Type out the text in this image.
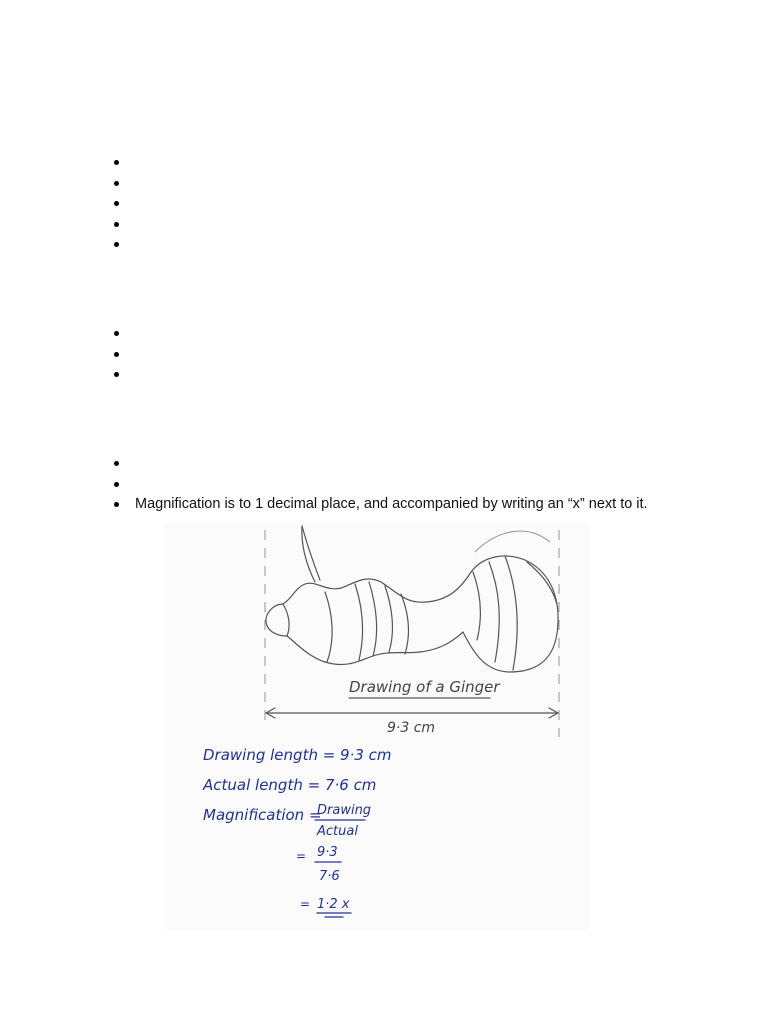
Magnification is to 1 decimal place, and accompanied by writing an “x” next to it.
Drawing of a Ginger
9·3 cm
Drawing length = 9·3 cm
Actual length = 7·6 cm
Magnification =
Drawing
Actual
= 9·3
7·6
= 1·2 x
